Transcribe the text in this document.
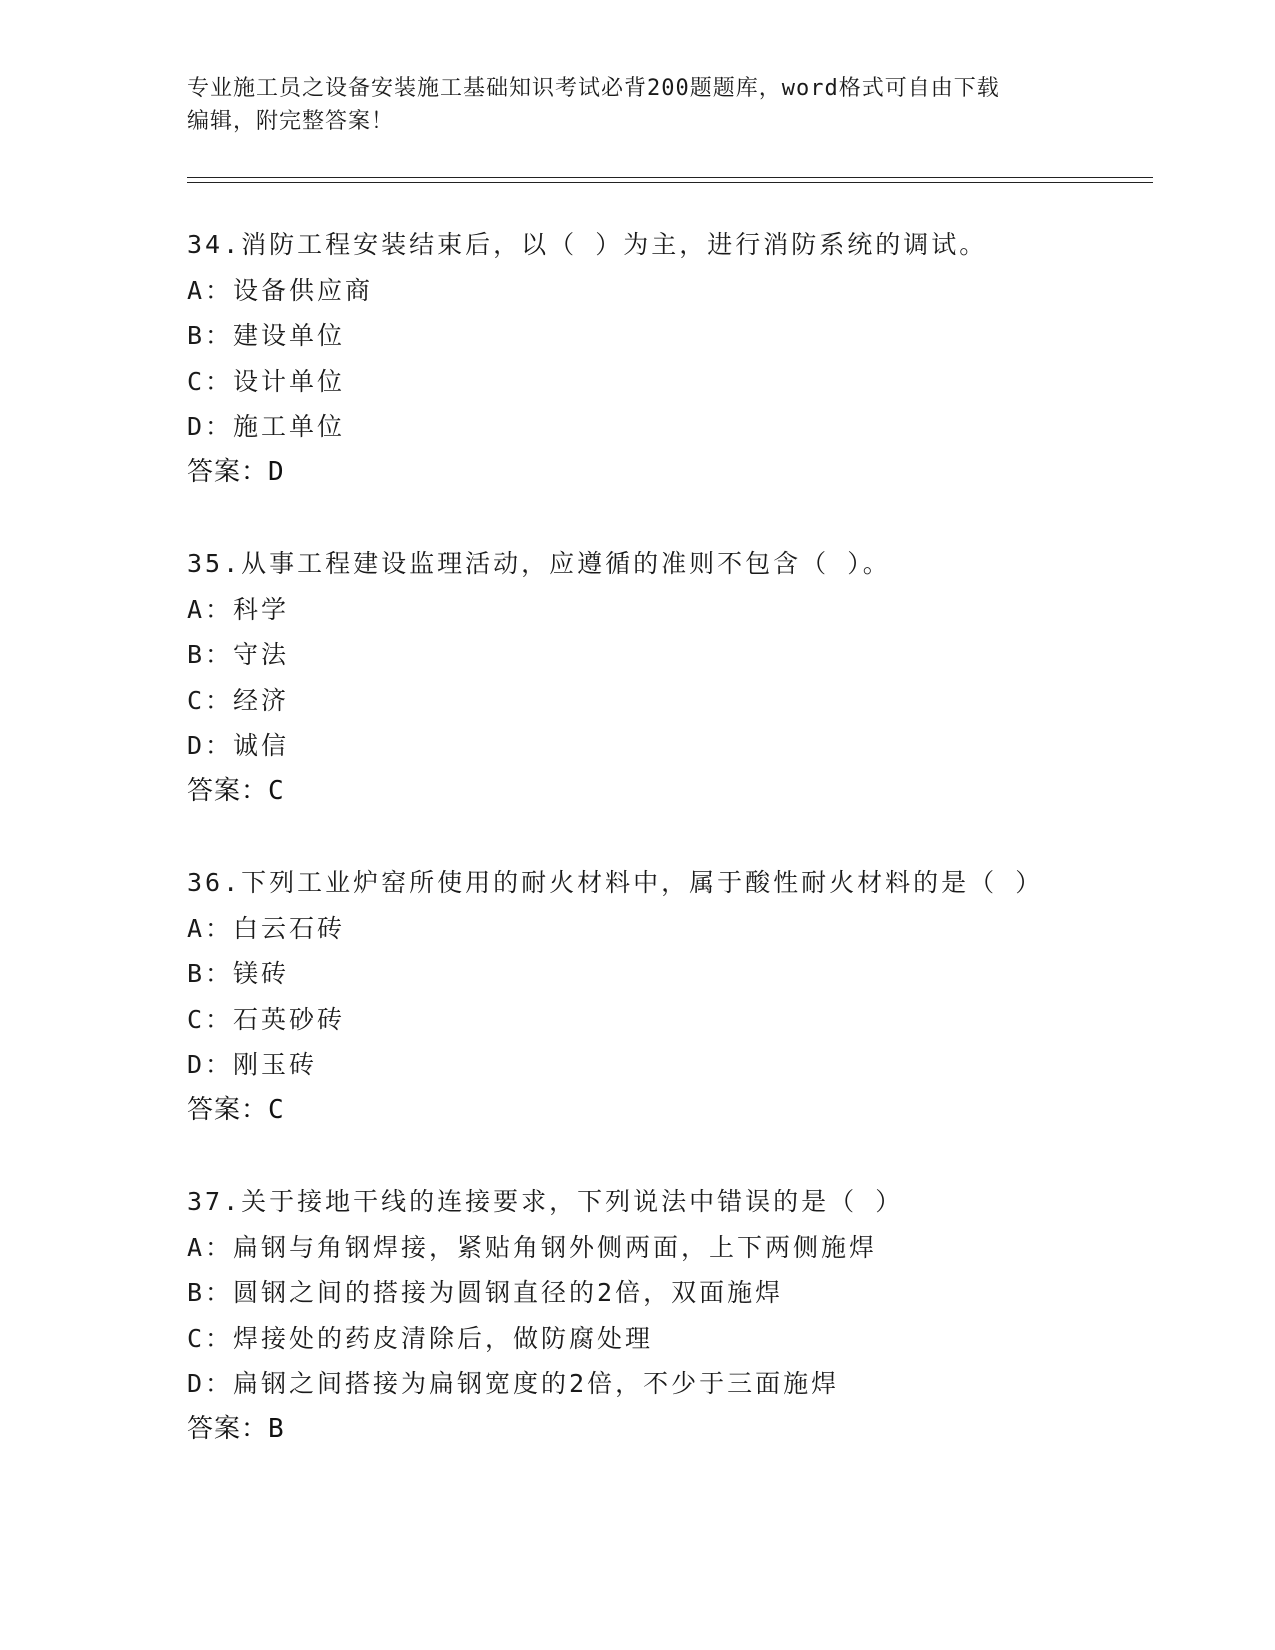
专业施工员之设备安装施工基础知识考试必背200题题库，word格式可自由下载
编辑，附完整答案！
34.消防工程安装结束后，以（ ）为主，进行消防系统的调试。
A：设备供应商
B：建设单位
C：设计单位
D：施工单位
答案：D
35.从事工程建设监理活动，应遵循的准则不包含（ ）。
A：科学
B：守法
C：经济
D：诚信
答案：C
36.下列工业炉窑所使用的耐火材料中，属于酸性耐火材料的是（ ）
A：白云石砖
B：镁砖
C：石英砂砖
D：刚玉砖
答案：C
37.关于接地干线的连接要求，下列说法中错误的是（ ）
A：扁钢与角钢焊接，紧贴角钢外侧两面，上下两侧施焊
B：圆钢之间的搭接为圆钢直径的2倍，双面施焊
C：焊接处的药皮清除后，做防腐处理
D：扁钢之间搭接为扁钢宽度的2倍，不少于三面施焊
答案：B
